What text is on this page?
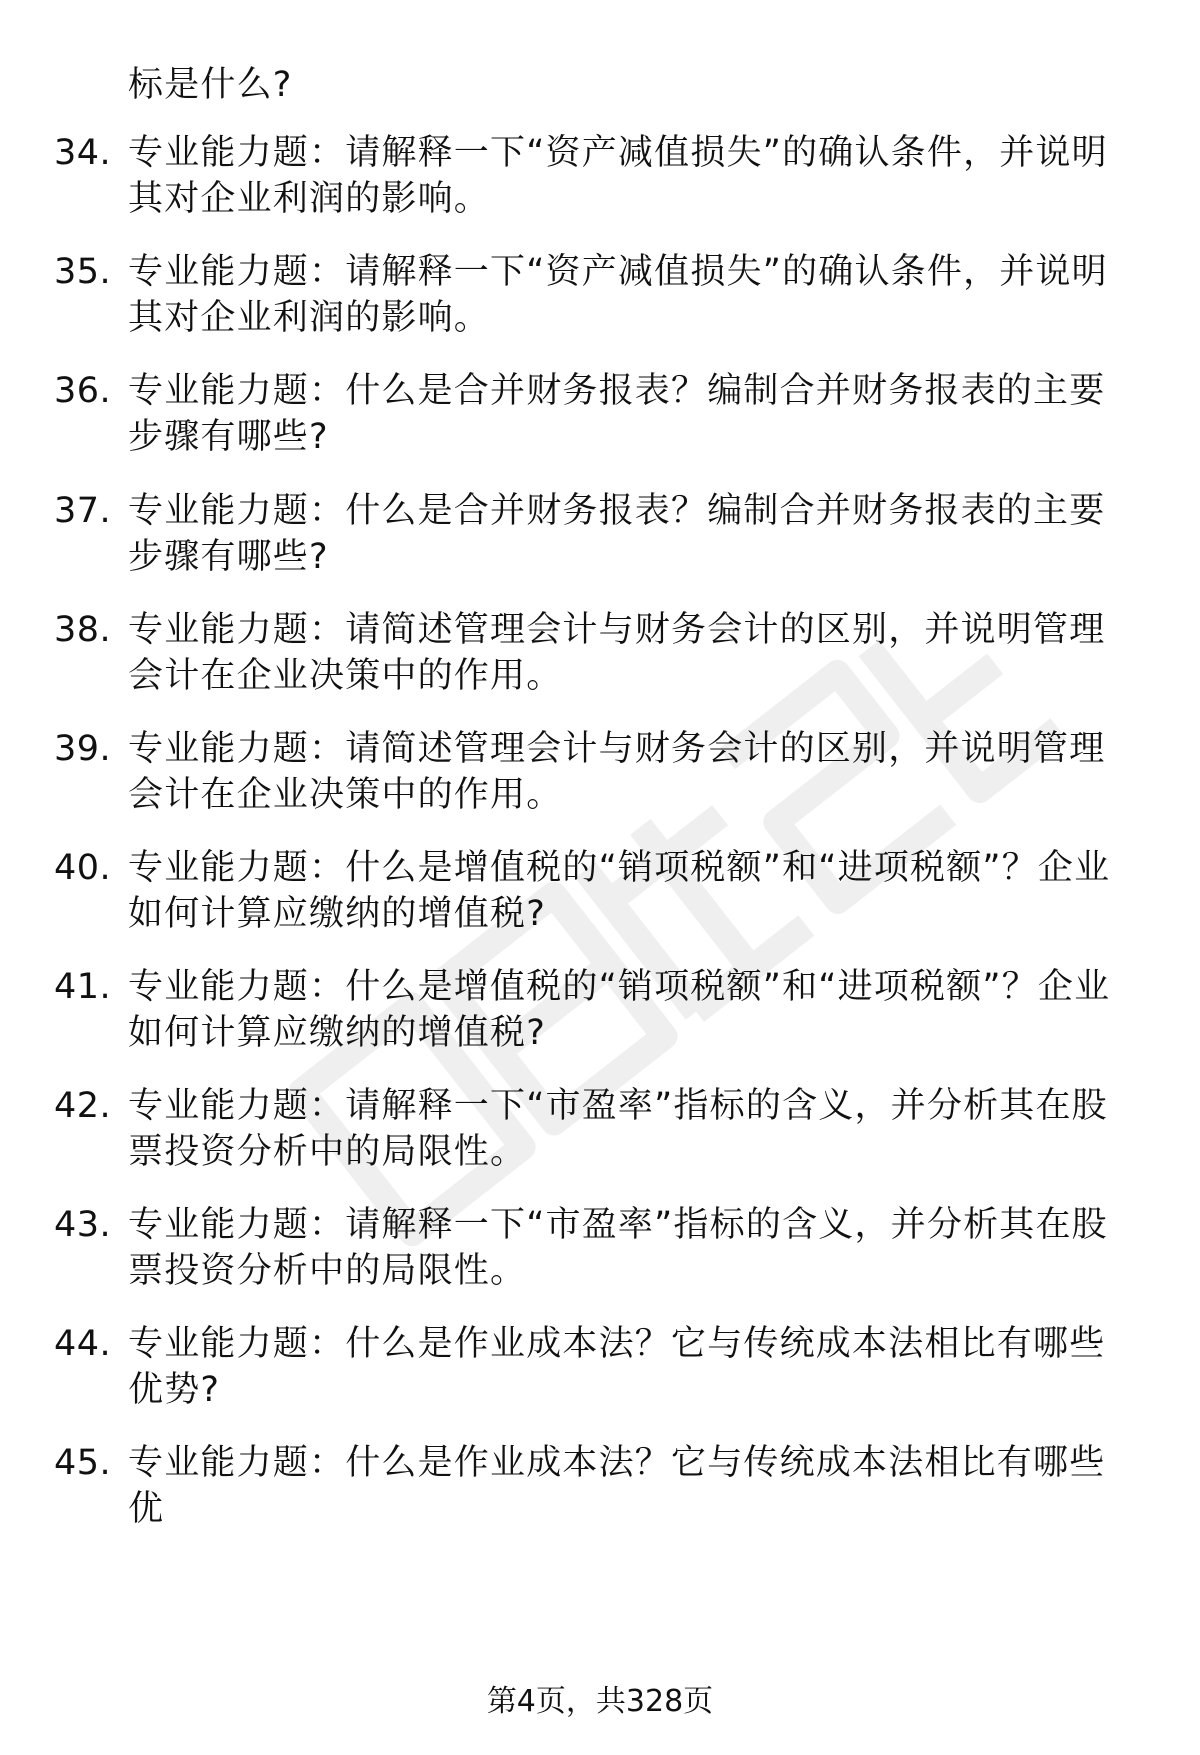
标是什么?
34. 专业能力题：请解释一下“资产减值损失”的确认条件，并说明其对企业利润的影响。
35. 专业能力题：请解释一下“资产减值损失”的确认条件，并说明其对企业利润的影响。
36. 专业能力题：什么是合并财务报表？编制合并财务报表的主要步骤有哪些?
37. 专业能力题：什么是合并财务报表？编制合并财务报表的主要步骤有哪些?
38. 专业能力题：请简述管理会计与财务会计的区别，并说明管理会计在企业决策中的作用。
39. 专业能力题：请简述管理会计与财务会计的区别，并说明管理会计在企业决策中的作用。
40. 专业能力题：什么是增值税的“销项税额”和“进项税额”？企业如何计算应缴纳的增值税?
41. 专业能力题：什么是增值税的“销项税额”和“进项税额”？企业如何计算应缴纳的增值税?
42. 专业能力题：请解释一下“市盈率”指标的含义，并分析其在股票投资分析中的局限性。
43. 专业能力题：请解释一下“市盈率”指标的含义，并分析其在股票投资分析中的局限性。
44. 专业能力题：什么是作业成本法？它与传统成本法相比有哪些优势?
45. 专业能力题：什么是作业成本法？它与传统成本法相比有哪些优
第4页，共328页
